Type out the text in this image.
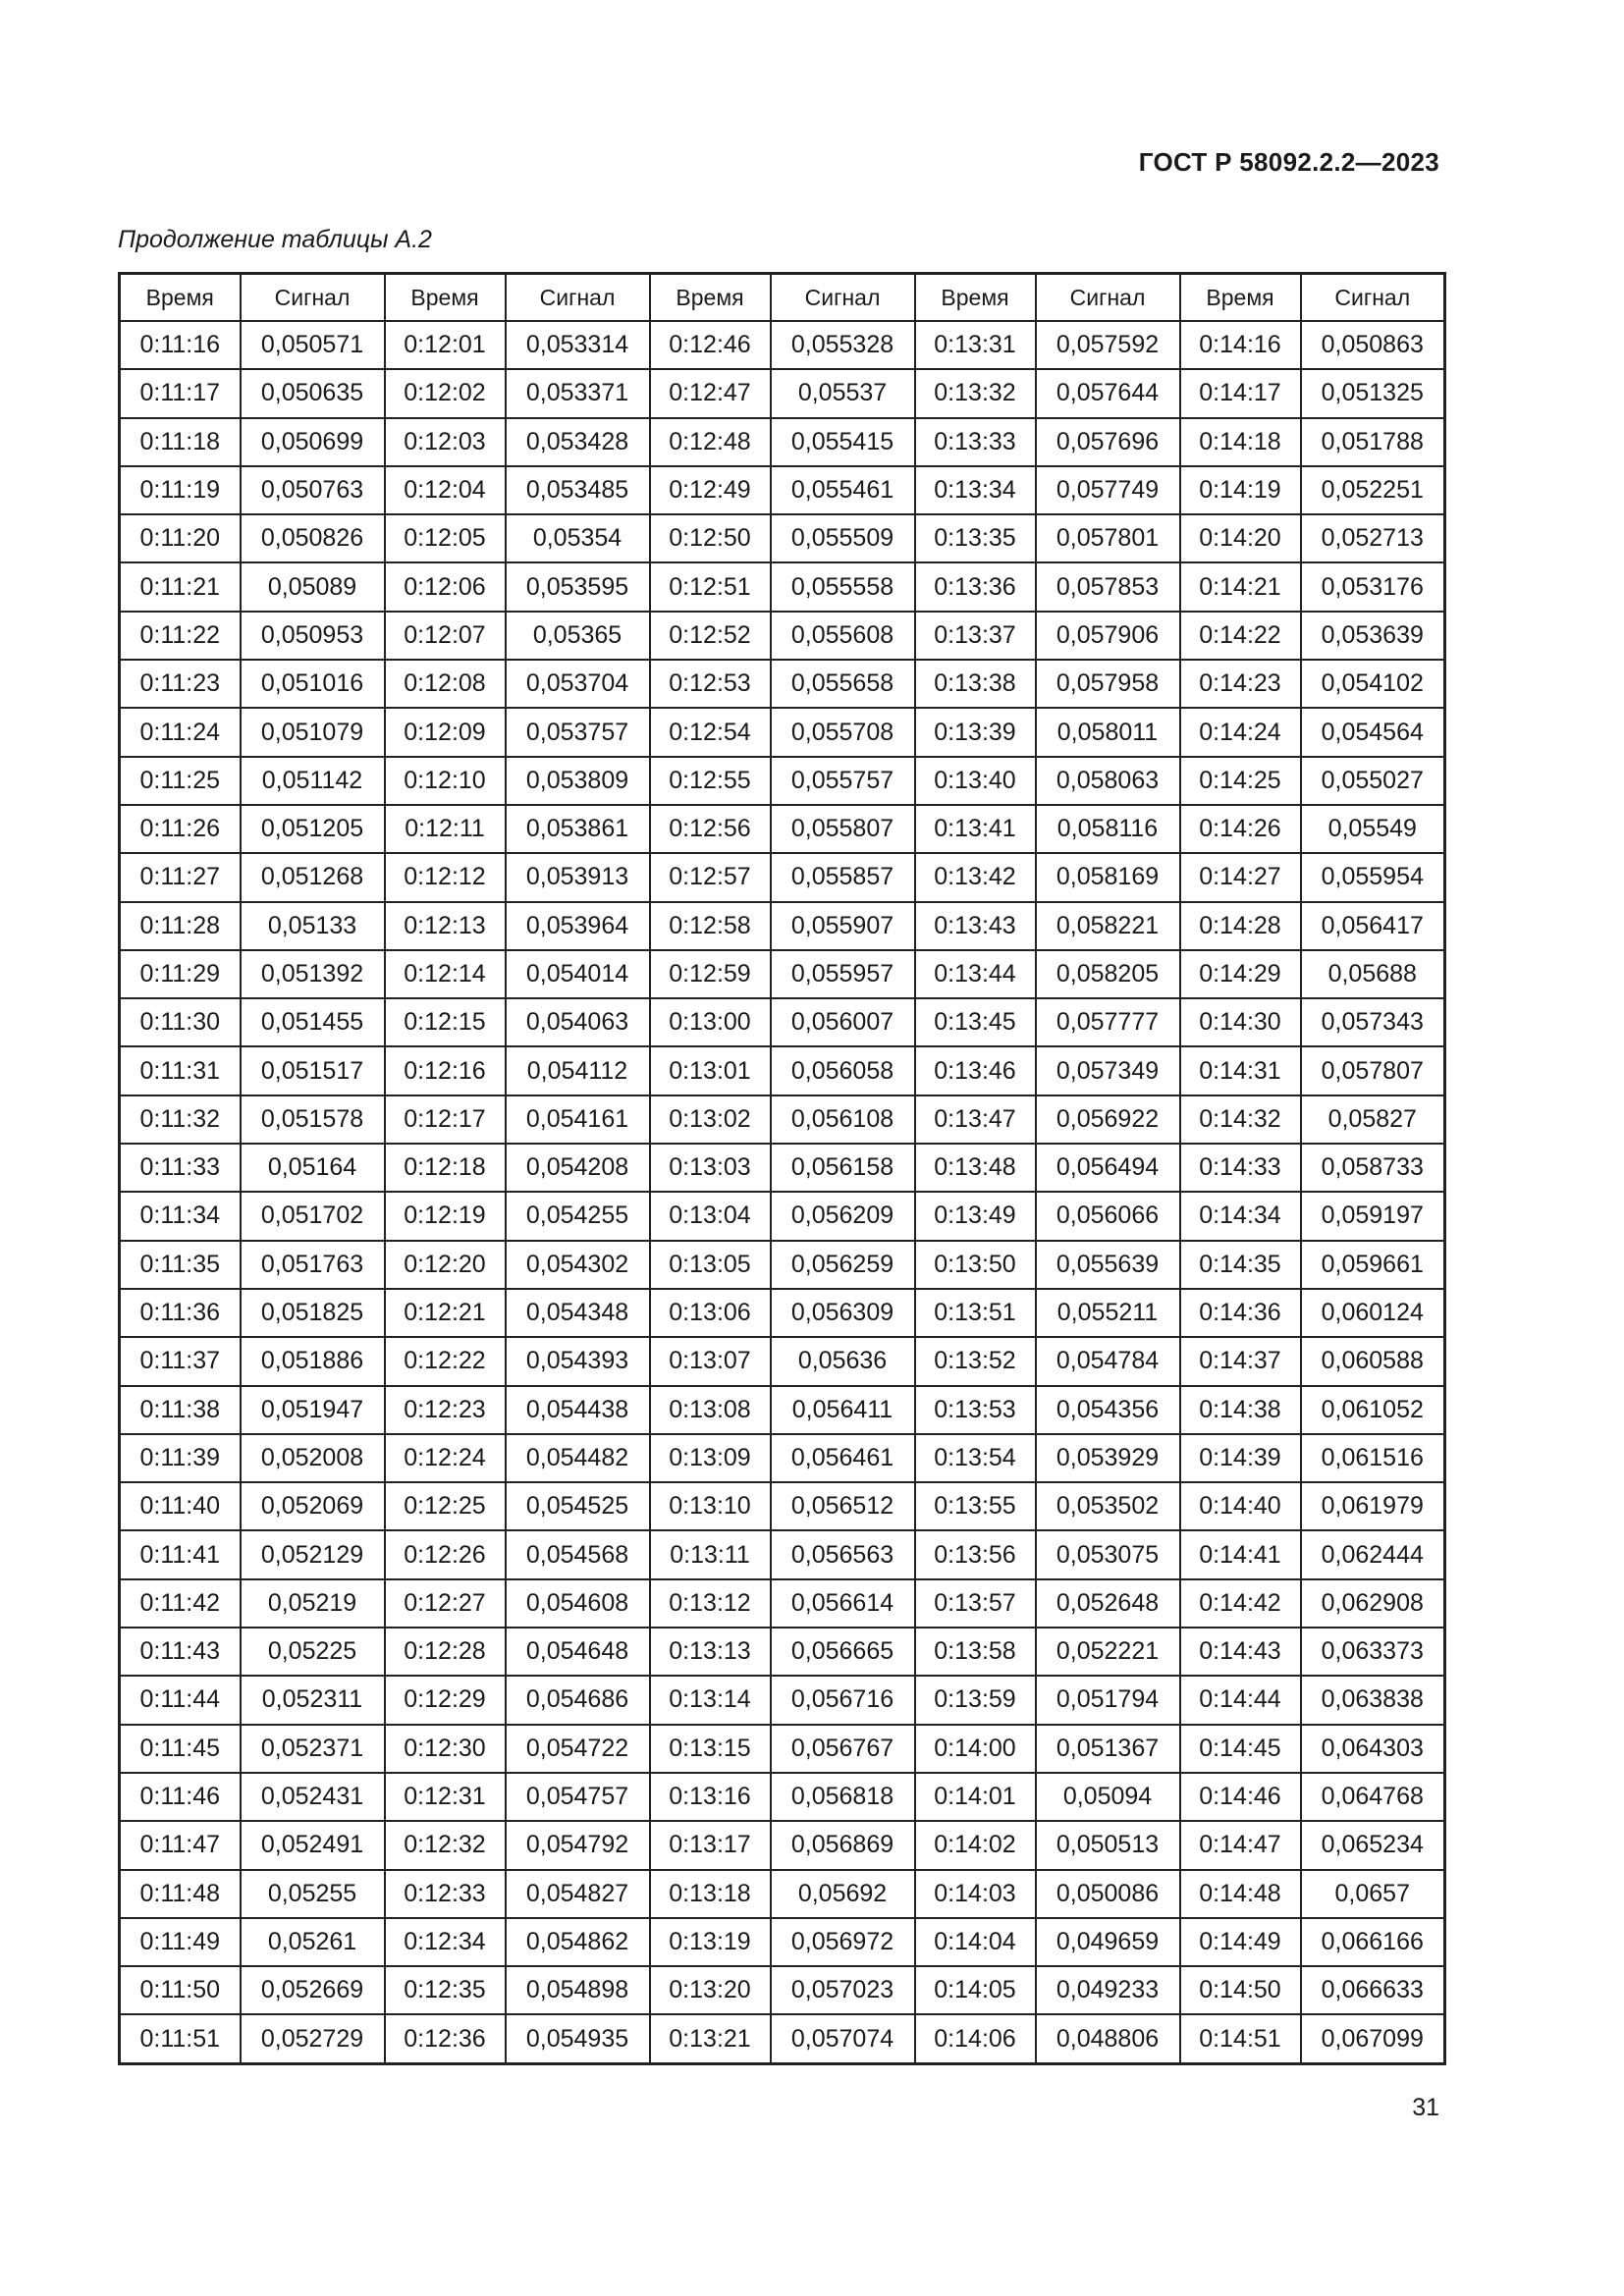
ГОСТ Р 58092.2.2—2023
Продолжение таблицы А.2
Время	Сигнал	Время	Сигнал	Время	Сигнал	Время	Сигнал	Время	Сигнал
0:11:16	0,050571	0:12:01	0,053314	0:12:46	0,055328	0:13:31	0,057592	0:14:16	0,050863
0:11:17	0,050635	0:12:02	0,053371	0:12:47	0,05537	0:13:32	0,057644	0:14:17	0,051325
0:11:18	0,050699	0:12:03	0,053428	0:12:48	0,055415	0:13:33	0,057696	0:14:18	0,051788
0:11:19	0,050763	0:12:04	0,053485	0:12:49	0,055461	0:13:34	0,057749	0:14:19	0,052251
0:11:20	0,050826	0:12:05	0,05354	0:12:50	0,055509	0:13:35	0,057801	0:14:20	0,052713
0:11:21	0,05089	0:12:06	0,053595	0:12:51	0,055558	0:13:36	0,057853	0:14:21	0,053176
0:11:22	0,050953	0:12:07	0,05365	0:12:52	0,055608	0:13:37	0,057906	0:14:22	0,053639
0:11:23	0,051016	0:12:08	0,053704	0:12:53	0,055658	0:13:38	0,057958	0:14:23	0,054102
0:11:24	0,051079	0:12:09	0,053757	0:12:54	0,055708	0:13:39	0,058011	0:14:24	0,054564
0:11:25	0,051142	0:12:10	0,053809	0:12:55	0,055757	0:13:40	0,058063	0:14:25	0,055027
0:11:26	0,051205	0:12:11	0,053861	0:12:56	0,055807	0:13:41	0,058116	0:14:26	0,05549
0:11:27	0,051268	0:12:12	0,053913	0:12:57	0,055857	0:13:42	0,058169	0:14:27	0,055954
0:11:28	0,05133	0:12:13	0,053964	0:12:58	0,055907	0:13:43	0,058221	0:14:28	0,056417
0:11:29	0,051392	0:12:14	0,054014	0:12:59	0,055957	0:13:44	0,058205	0:14:29	0,05688
0:11:30	0,051455	0:12:15	0,054063	0:13:00	0,056007	0:13:45	0,057777	0:14:30	0,057343
0:11:31	0,051517	0:12:16	0,054112	0:13:01	0,056058	0:13:46	0,057349	0:14:31	0,057807
0:11:32	0,051578	0:12:17	0,054161	0:13:02	0,056108	0:13:47	0,056922	0:14:32	0,05827
0:11:33	0,05164	0:12:18	0,054208	0:13:03	0,056158	0:13:48	0,056494	0:14:33	0,058733
0:11:34	0,051702	0:12:19	0,054255	0:13:04	0,056209	0:13:49	0,056066	0:14:34	0,059197
0:11:35	0,051763	0:12:20	0,054302	0:13:05	0,056259	0:13:50	0,055639	0:14:35	0,059661
0:11:36	0,051825	0:12:21	0,054348	0:13:06	0,056309	0:13:51	0,055211	0:14:36	0,060124
0:11:37	0,051886	0:12:22	0,054393	0:13:07	0,05636	0:13:52	0,054784	0:14:37	0,060588
0:11:38	0,051947	0:12:23	0,054438	0:13:08	0,056411	0:13:53	0,054356	0:14:38	0,061052
0:11:39	0,052008	0:12:24	0,054482	0:13:09	0,056461	0:13:54	0,053929	0:14:39	0,061516
0:11:40	0,052069	0:12:25	0,054525	0:13:10	0,056512	0:13:55	0,053502	0:14:40	0,061979
0:11:41	0,052129	0:12:26	0,054568	0:13:11	0,056563	0:13:56	0,053075	0:14:41	0,062444
0:11:42	0,05219	0:12:27	0,054608	0:13:12	0,056614	0:13:57	0,052648	0:14:42	0,062908
0:11:43	0,05225	0:12:28	0,054648	0:13:13	0,056665	0:13:58	0,052221	0:14:43	0,063373
0:11:44	0,052311	0:12:29	0,054686	0:13:14	0,056716	0:13:59	0,051794	0:14:44	0,063838
0:11:45	0,052371	0:12:30	0,054722	0:13:15	0,056767	0:14:00	0,051367	0:14:45	0,064303
0:11:46	0,052431	0:12:31	0,054757	0:13:16	0,056818	0:14:01	0,05094	0:14:46	0,064768
0:11:47	0,052491	0:12:32	0,054792	0:13:17	0,056869	0:14:02	0,050513	0:14:47	0,065234
0:11:48	0,05255	0:12:33	0,054827	0:13:18	0,05692	0:14:03	0,050086	0:14:48	0,0657
0:11:49	0,05261	0:12:34	0,054862	0:13:19	0,056972	0:14:04	0,049659	0:14:49	0,066166
0:11:50	0,052669	0:12:35	0,054898	0:13:20	0,057023	0:14:05	0,049233	0:14:50	0,066633
0:11:51	0,052729	0:12:36	0,054935	0:13:21	0,057074	0:14:06	0,048806	0:14:51	0,067099
31
